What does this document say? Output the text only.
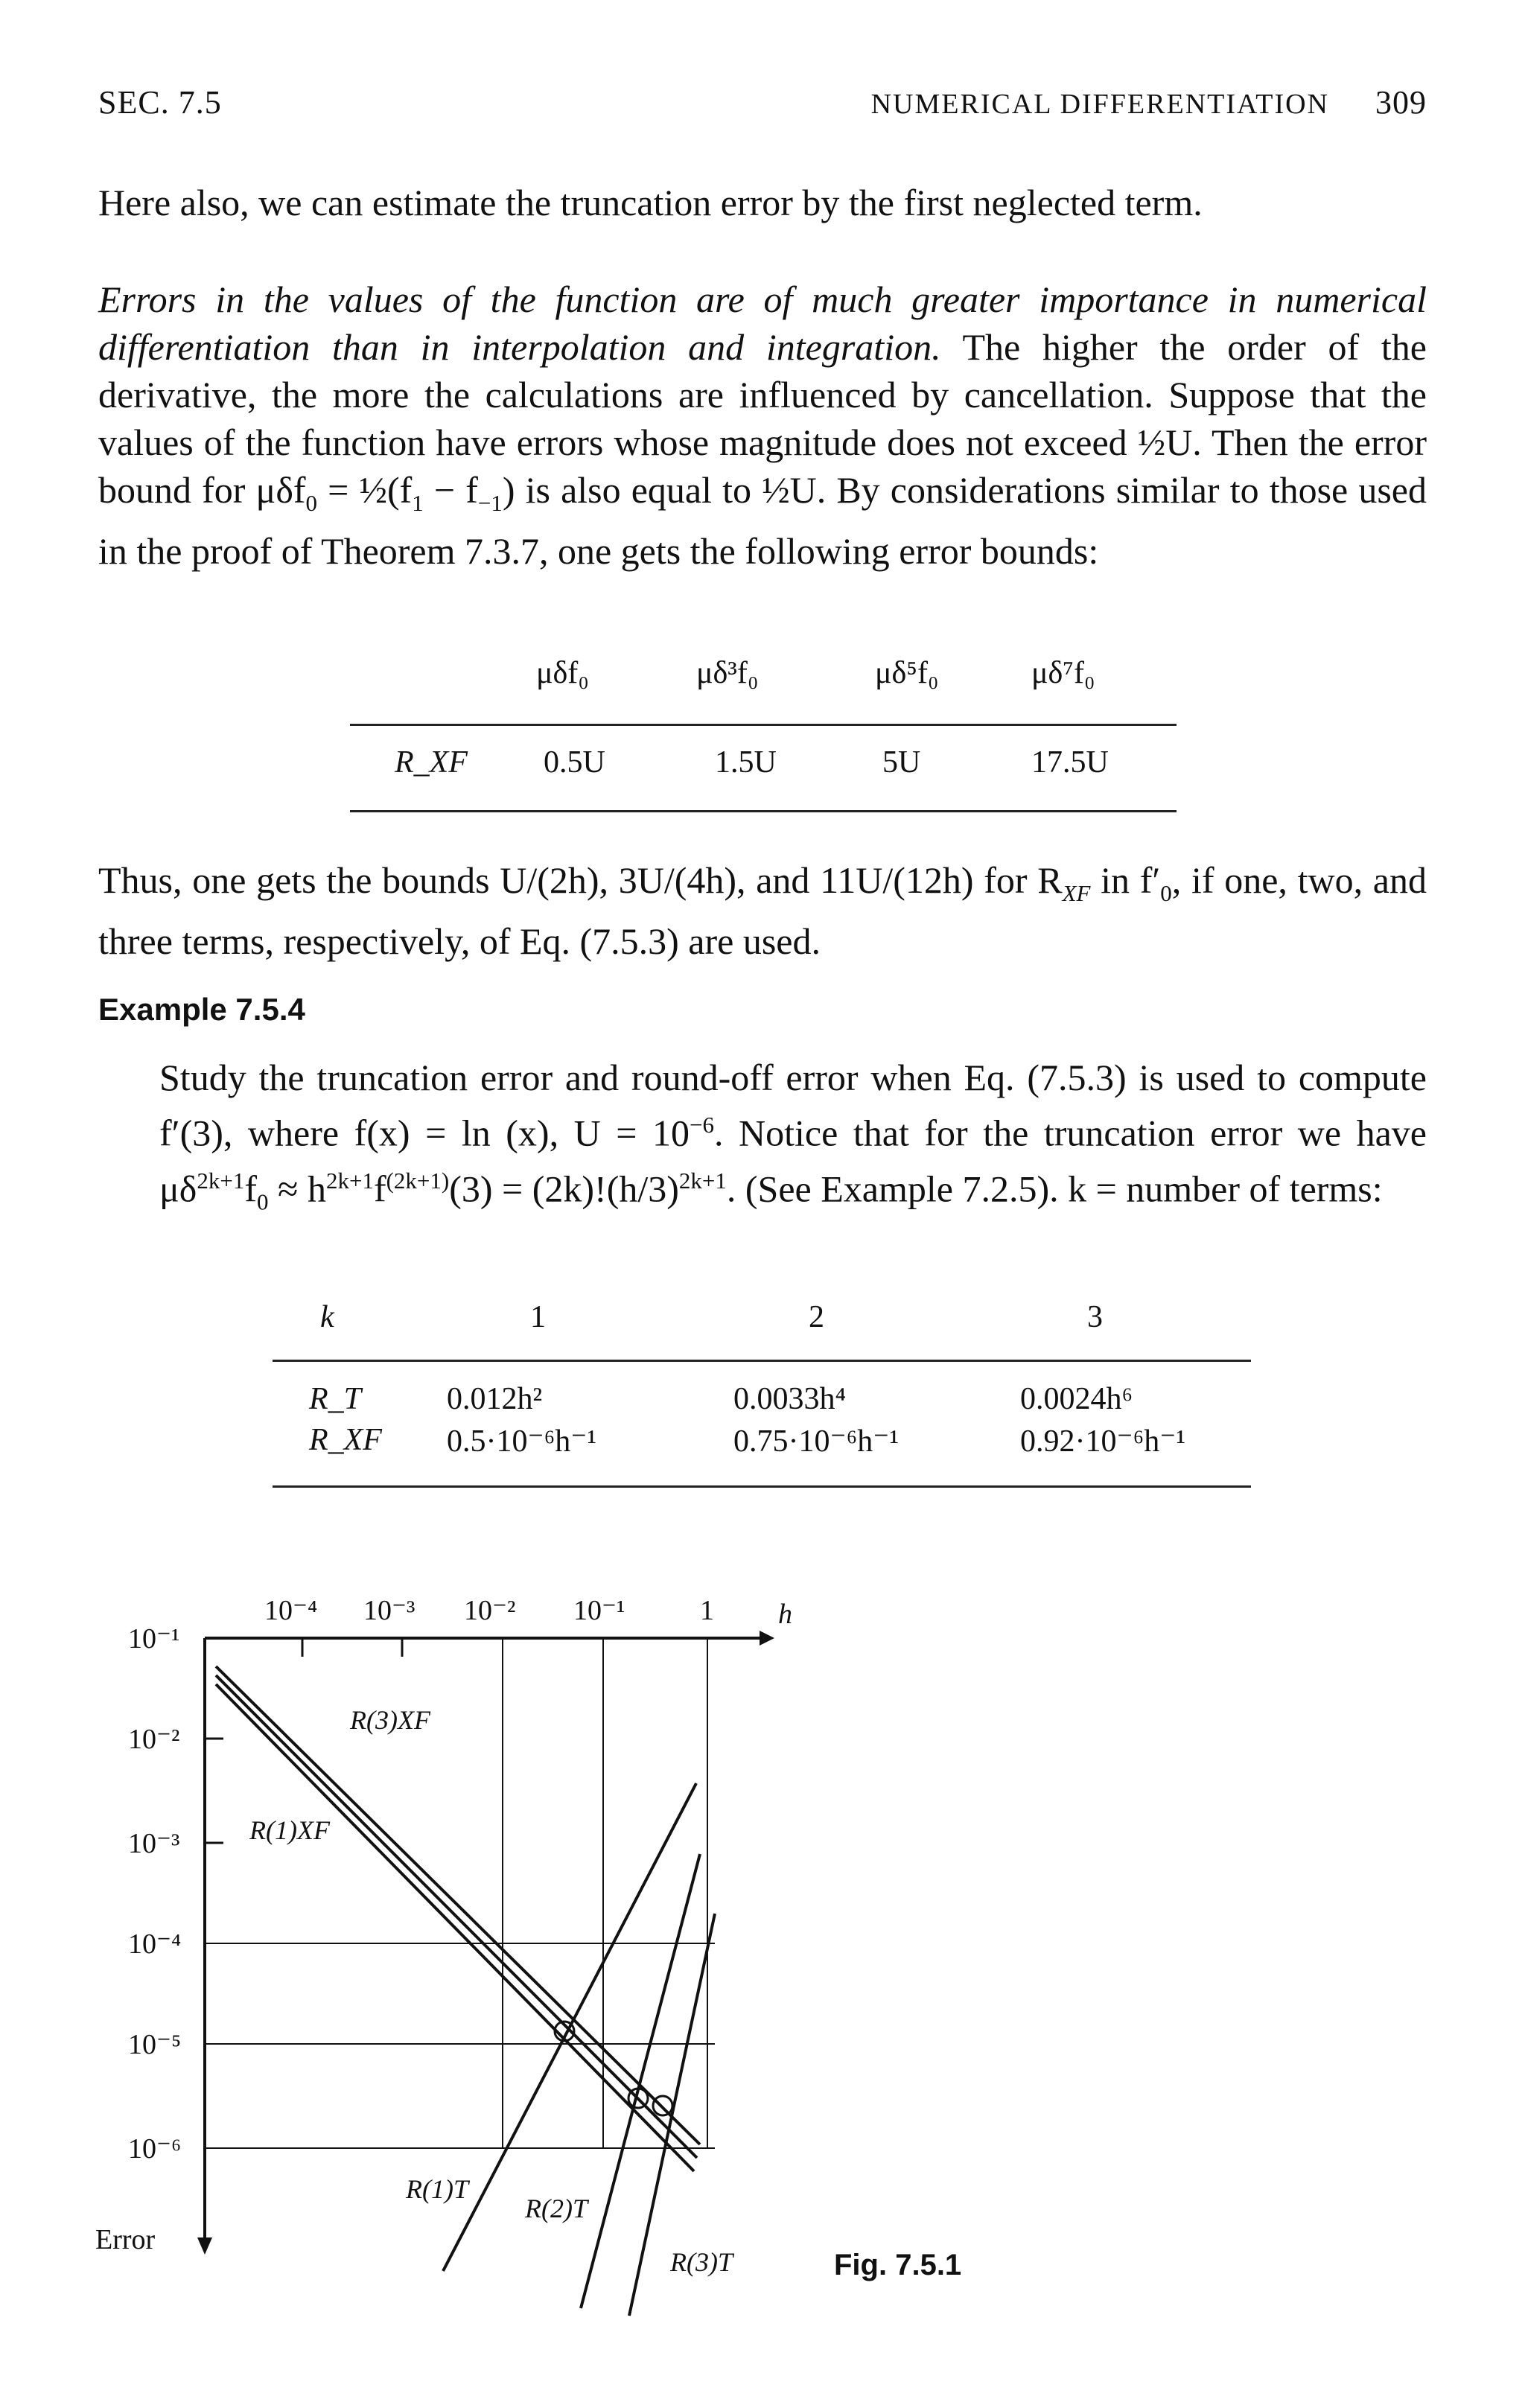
SEC. 7.5	NUMERICAL DIFFERENTIATION 309

Here also, we can estimate the truncation error by the first neglected term.

Errors in the values of the function are of much greater importance in numerical differentiation than in interpolation and integration. The higher the order of the derivative, the more the calculations are influenced by cancellation. Suppose that the values of the function have errors whose magnitude does not exceed ½U. Then the error bound for $\mu\delta f_0 = \frac{1}{2}(f_1 - f_{-1})$ is also equal to ½U. By considerations similar to those used in the proof of Theorem 7.3.7, one gets the following error bounds:

μδf₀	μδ³f₀	μδ⁵f₀	μδ⁷f₀
R_XF 0.5U	1.5U	5U	17.5U

Thus, one gets the bounds U/(2h), 3U/(4h), and 11U/(12h) for $R_{XF}$ in $f'_0$, if one, two, and three terms, respectively, of Eq. (7.5.3) are used.

Example 7.5.4

Study the truncation error and round-off error when Eq. (7.5.3) is used to compute f′(3), where f(x) = ln (x), $U = 10^{-6}$. Notice that for the truncation error we have $\mu\delta^{2k+1}f_0 \approx h^{2k+1}f^{(2k+1)}(3) = (2k)!(h/3)^{2k+1}$. (See Example 7.2.5). k = number of terms:

k	1	2	3
R_T	0.012h²	0.0033h⁴	0.0024h⁶
R_XF 0.5·10⁻⁶h⁻¹	0.75·10⁻⁶h⁻¹	0.92·10⁻⁶h⁻¹
10⁻⁴ 10⁻³ 10⁻² 10⁻¹	1 h
10⁻¹
10⁻²
10⁻³
10⁻⁴
10⁻⁵
10⁻⁶
Error
R(3)XF
R(1)XF
R(1)T
R(2)T
R(3)T	Fig. 7.5.1
